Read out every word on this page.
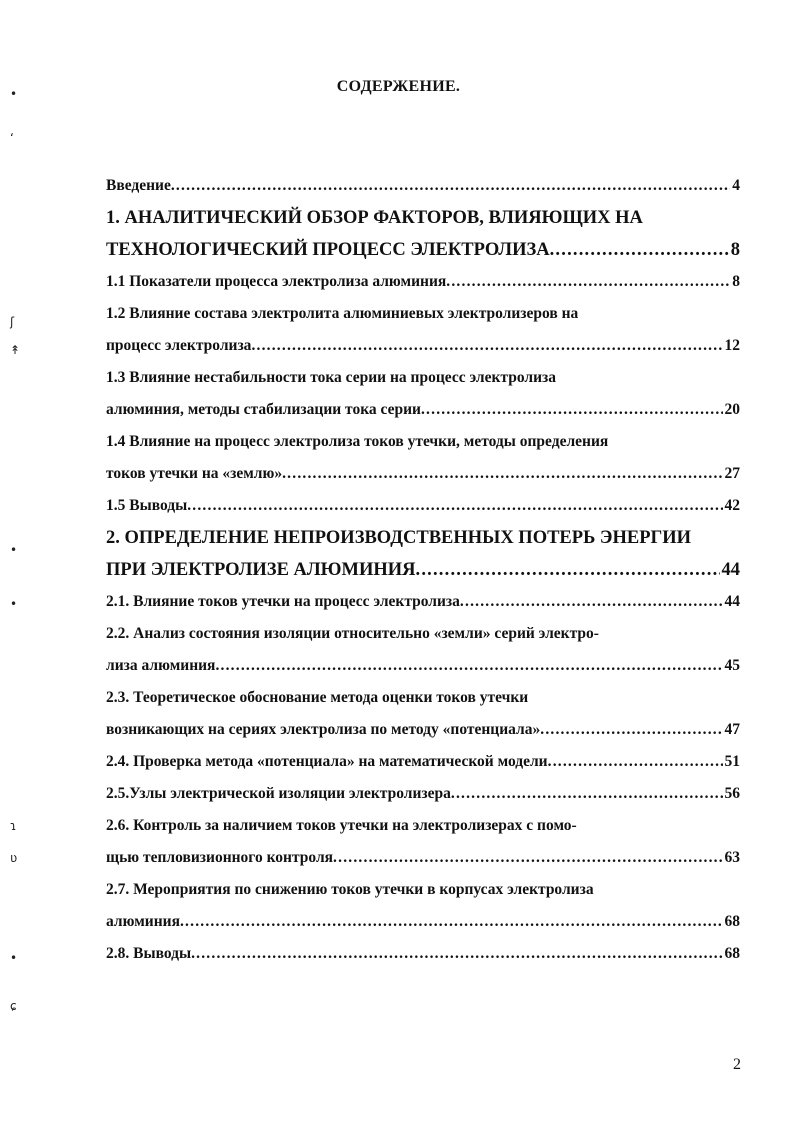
•
ʻ
ʃ
↟
•
•
ɿ
ʋ
•
ɕ
СОДЕРЖЕНИЕ.
Введение .....	4
1. АНАЛИТИЧЕСКИЙ ОБЗОР ФАКТОРОВ, ВЛИЯЮЩИХ НА
ТЕХНОЛОГИЧЕСКИЙ ПРОЦЕСС ЭЛЕКТРОЛИЗА .....	8
1.1 Показатели процесса электролиза алюминия .....	8
1.2 Влияние состава электролита алюминиевых электролизеров на
процесс электролиза .....	12
1.3 Влияние нестабильности тока серии на процесс электролиза
алюминия, методы стабилизации тока серии .....	20
1.4 Влияние на процесс электролиза токов утечки, методы определения
токов утечки на «землю» .....	27
1.5 Выводы .....	42
2. ОПРЕДЕЛЕНИЕ НЕПРОИЗВОДСТВЕННЫХ ПОТЕРЬ ЭНЕРГИИ
ПРИ ЭЛЕКТРОЛИЗЕ АЛЮМИНИЯ .....	44
2.1. Влияние токов утечки на процесс электролиза .....	44
2.2. Анализ состояния изоляции относительно «земли» серий электро-
лиза алюминия .....	45
2.3. Теоретическое обоснование метода оценки токов утечки
возникающих на сериях электролиза по методу «потенциала» .....	47
2.4. Проверка метода «потенциала» на математической модели .....	51
2.5.Узлы электрической изоляции электролизера .....	56
2.6. Контроль за наличием токов утечки на электролизерах с помо-
щью тепловизионного контроля .....	63
2.7. Мероприятия по снижению токов утечки в корпусах электролиза
алюминия .....	68
2.8. Выводы .....	68
2
